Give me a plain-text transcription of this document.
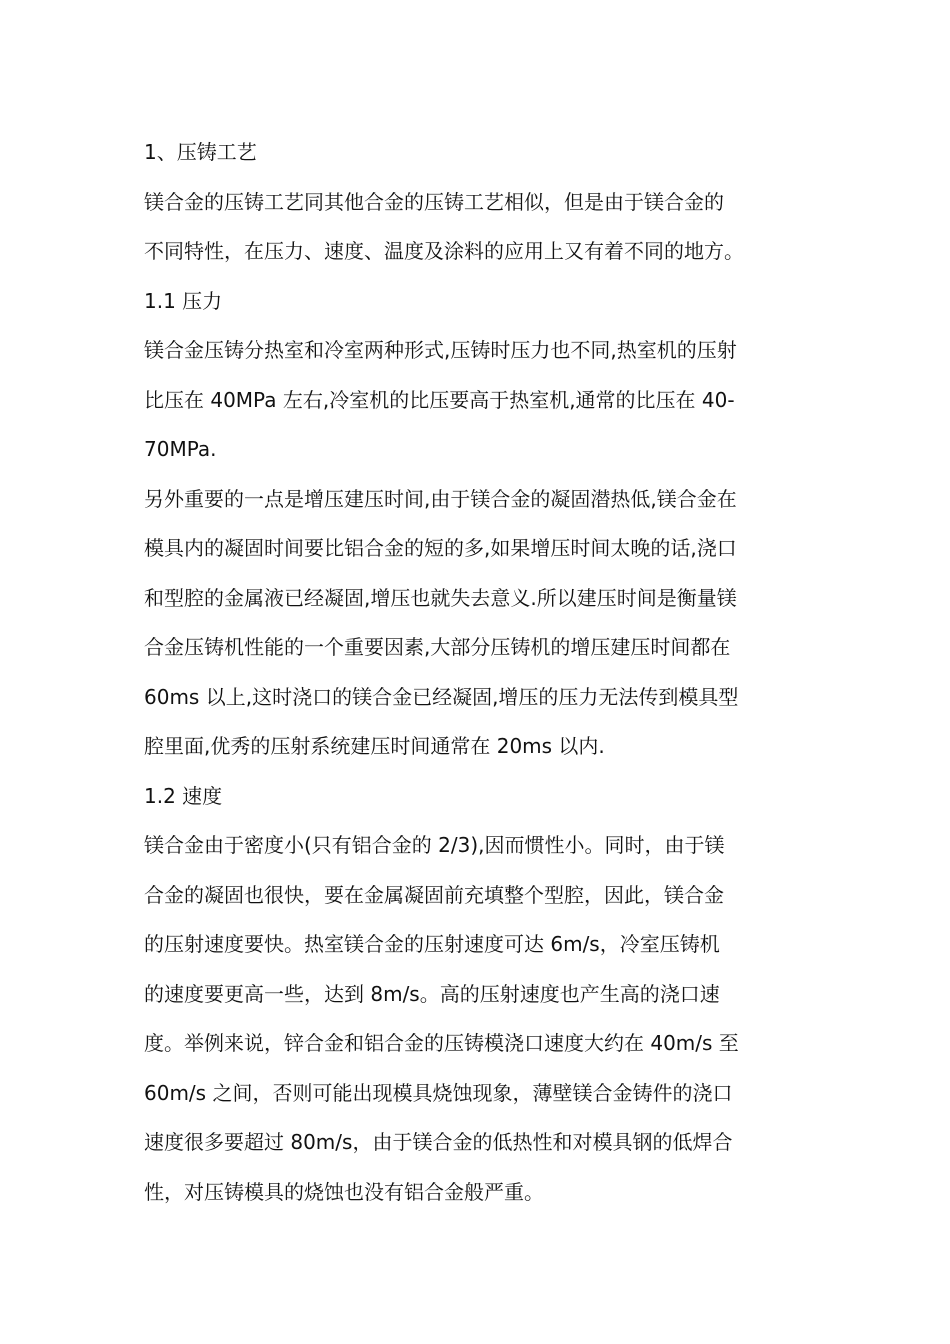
1、压铸工艺
镁合金的压铸工艺同其他合金的压铸工艺相似，但是由于镁合金的
不同特性，在压力、速度、温度及涂料的应用上又有着不同的地方。
1.1 压力
镁合金压铸分热室和冷室两种形式,压铸时压力也不同,热室机的压射
比压在 40MPa 左右,冷室机的比压要高于热室机,通常的比压在 40-
70MPa.
另外重要的一点是增压建压时间,由于镁合金的凝固潜热低,镁合金在
模具内的凝固时间要比铝合金的短的多,如果增压时间太晚的话,浇口
和型腔的金属液已经凝固,增压也就失去意义.所以建压时间是衡量镁
合金压铸机性能的一个重要因素,大部分压铸机的增压建压时间都在
60ms 以上,这时浇口的镁合金已经凝固,增压的压力无法传到模具型
腔里面,优秀的压射系统建压时间通常在 20ms 以内.
1.2 速度
镁合金由于密度小(只有铝合金的 2/3),因而惯性小。同时，由于镁
合金的凝固也很快，要在金属凝固前充填整个型腔，因此，镁合金
的压射速度要快。热室镁合金的压射速度可达 6m/s，冷室压铸机
的速度要更高一些，达到 8m/s。高的压射速度也产生高的浇口速
度。举例来说，锌合金和铝合金的压铸模浇口速度大约在 40m/s 至
60m/s 之间，否则可能出现模具烧蚀现象，薄壁镁合金铸件的浇口
速度很多要超过 80m/s，由于镁合金的低热性和对模具钢的低焊合
性，对压铸模具的烧蚀也没有铝合金般严重。
